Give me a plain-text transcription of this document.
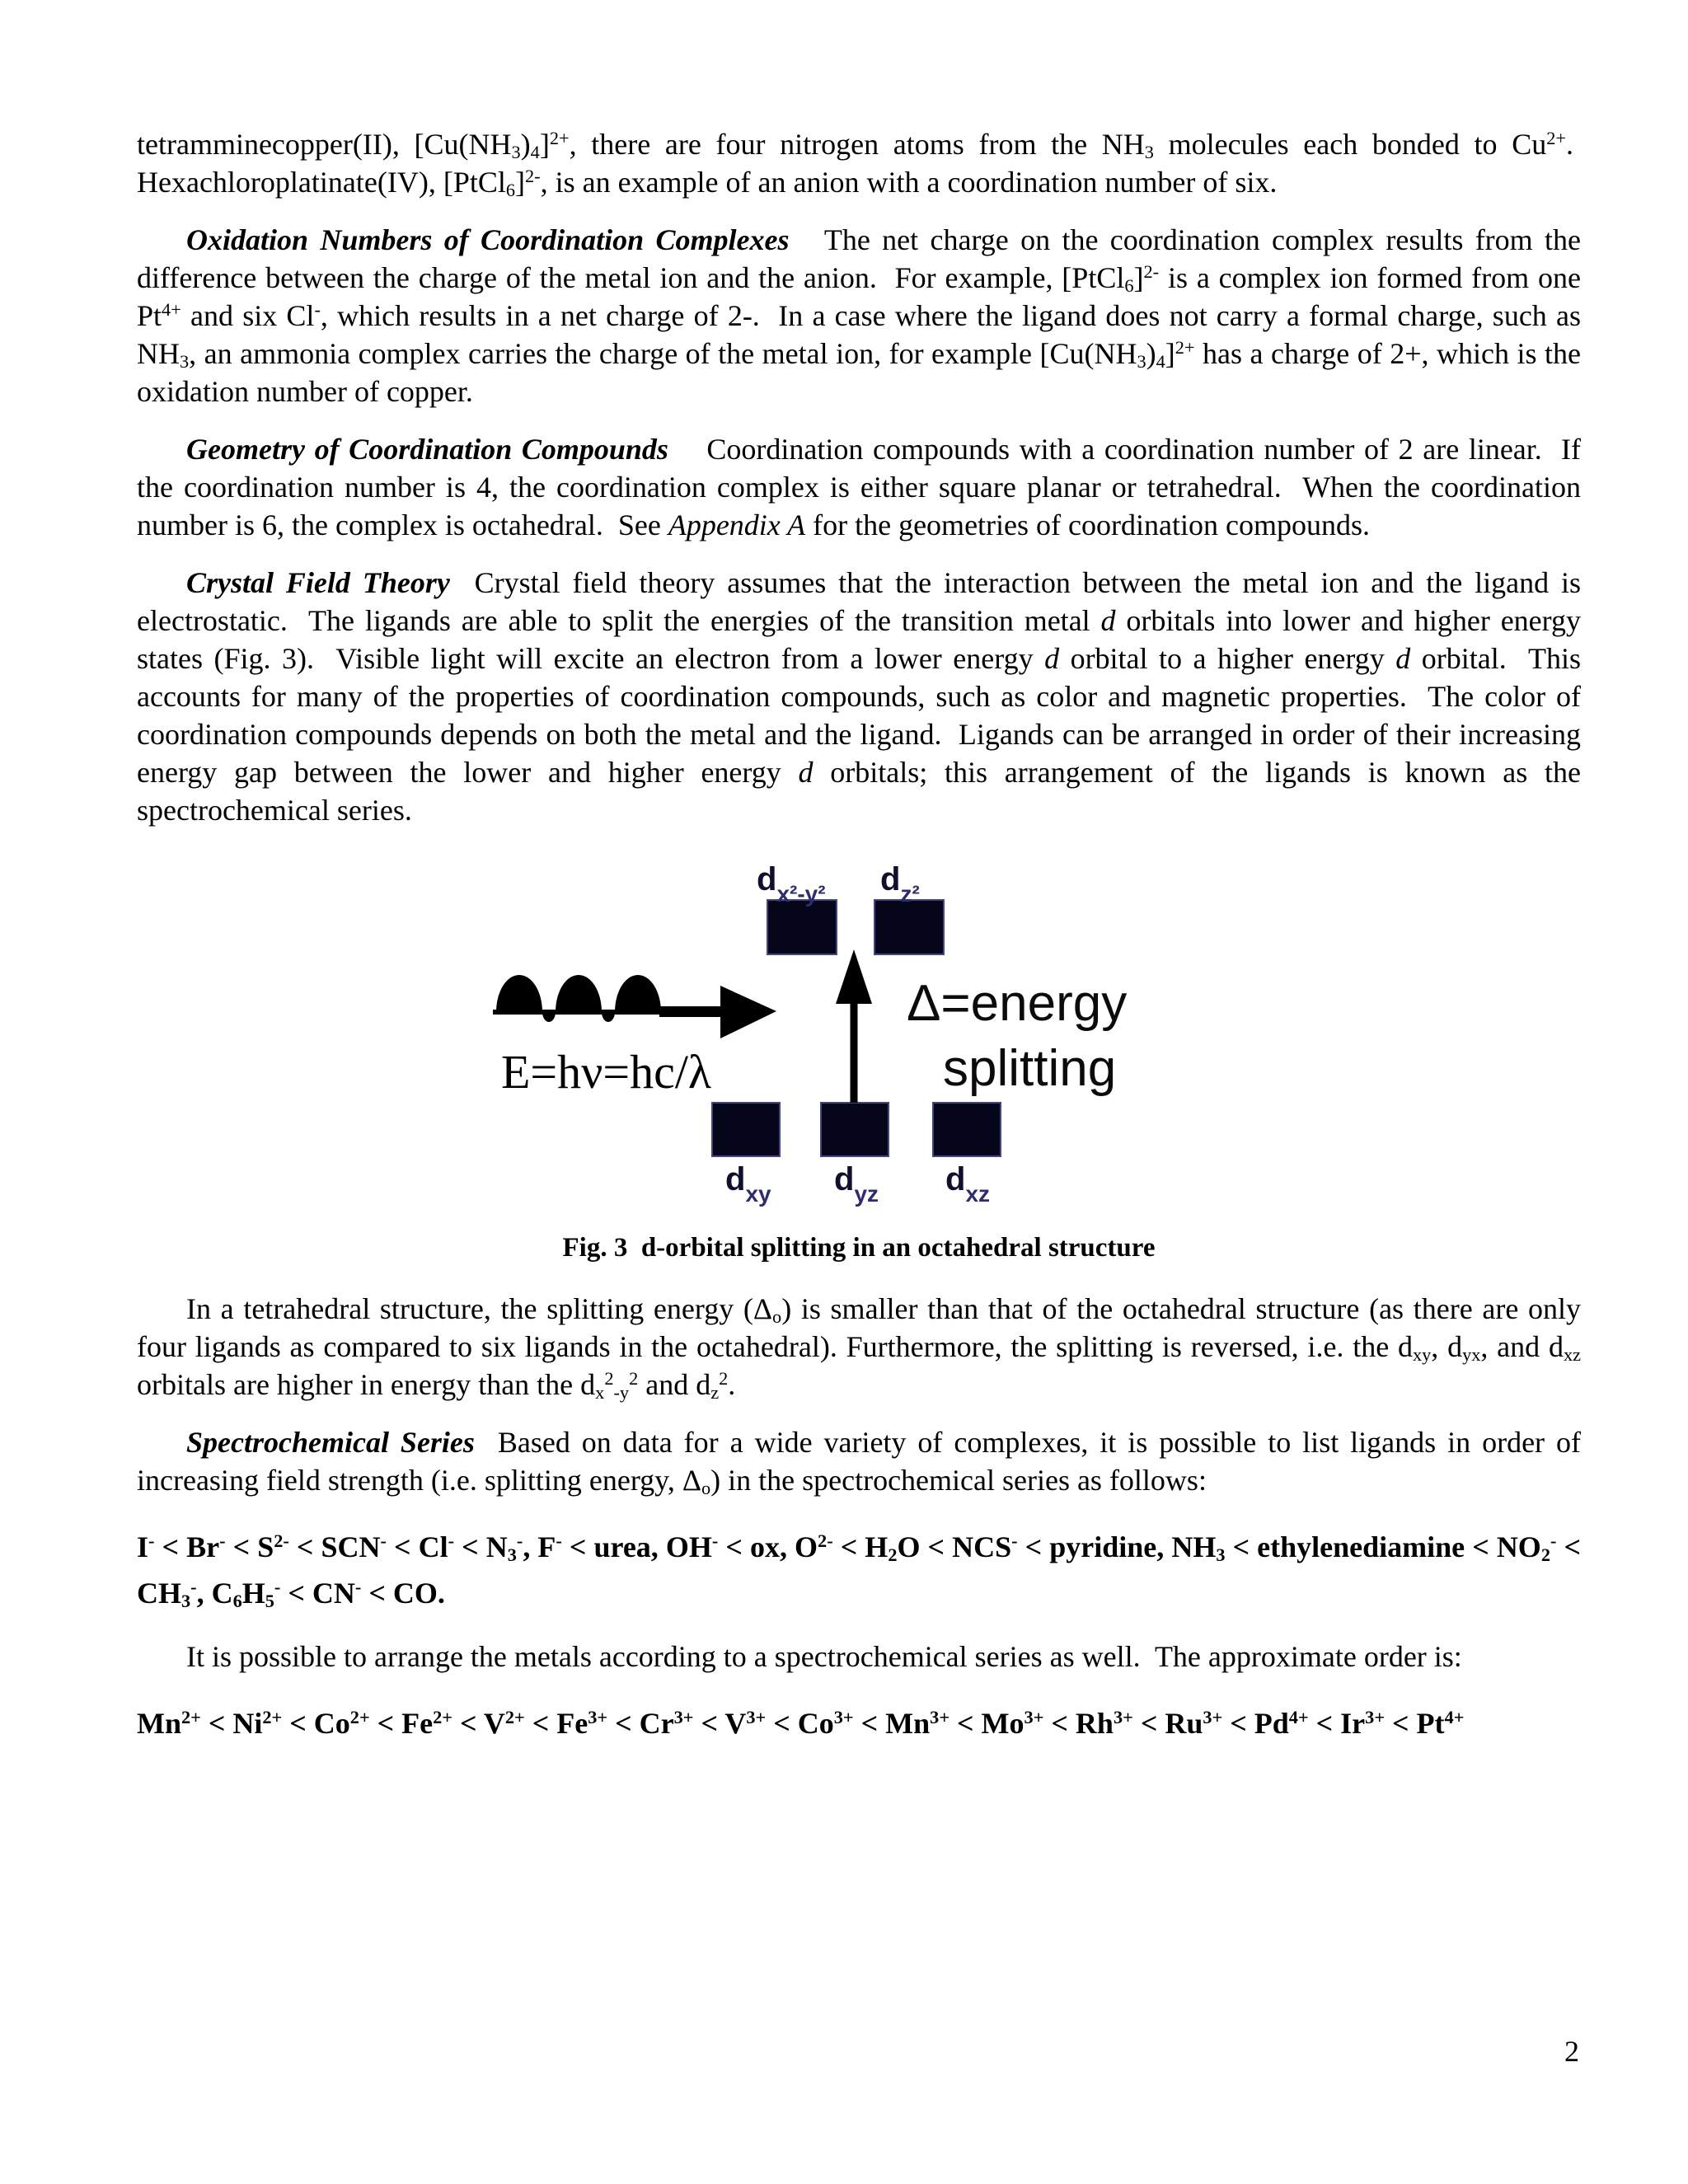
tetramminecopper(II), $[Cu(NH_3)_4]^{2+}$, there are four nitrogen atoms from the $NH_3$ molecules each bonded to $Cu^{2+}$.  Hexachloroplatinate(IV), [PtCl$_6$]$^{2-}$, is an example of an anion with a coordination number of six.

Oxidation Numbers of Coordination Complexes   The net charge on the coordination complex results from the difference between the charge of the metal ion and the anion.  For example, [PtCl$_6$]$^{2-}$ is a complex ion formed from one $Pt^{4+}$ and six Cl-, which results in a net charge of 2-.  In a case where the ligand does not carry a formal charge, such as $NH_3$, an ammonia complex carries the charge of the metal ion, for example $[Cu(NH_3)_4]^{2+}$ has a charge of 2+, which is the oxidation number of copper.

Geometry of Coordination Compounds    Coordination compounds with a coordination number of 2 are linear.  If the coordination number is 4, the coordination complex is either square planar or tetrahedral.  When the coordination number is 6, the complex is octahedral.  See Appendix A for the geometries of coordination compounds.

Crystal Field Theory  Crystal field theory assumes that the interaction between the metal ion and the ligand is electrostatic.  The ligands are able to split the energies of the transition metal d orbitals into lower and higher energy states (Fig. 3).  Visible light will excite an electron from a lower energy d orbital to a higher energy d orbital.  This accounts for many of the properties of coordination compounds, such as color and magnetic properties.  The color of coordination compounds depends on both the metal and the ligand.  Ligands can be arranged in order of their increasing energy gap between the lower and higher energy d orbitals; this arrangement of the ligands is known as the spectrochemical series.

dx²-y² dz²
dxy dyz dxz
E=hν=hc/λ
Δ=energy
splitting

Fig. 3  d-orbital splitting in an octahedral structure

In a tetrahedral structure, the splitting energy $(\Delta_o)$ is smaller than that of the octahedral structure (as there are only four ligands as compared to six ligands in the octahedral). Furthermore, the splitting is reversed, i.e. the $d_{xy}$, $d_{yx}$, and $d_{xz}$ orbitals are higher in energy than the $d_x^2_{-y}^2$ and $d_z^2$.

Spectrochemical Series  Based on data for a wide variety of complexes, it is possible to list ligands in order of increasing field strength (i.e. splitting energy, $\Delta_o$) in the spectrochemical series as follows:

$I^- < Br^- < S^{2-} < SCN^- < Cl^- < N_3^-$, F- < urea, OH- < ox, $O^{2-} < H_2O < NCS^-$ < pyridine, $NH_3$ < ethylenediamine < $NO_2^- < CH_3^-$, $C_6H_5^- < CN^-$ < CO.

It is possible to arrange the metals according to a spectrochemical series as well.  The approximate order is:

$Mn^{2+} < Ni^{2+} < Co^{2+} < Fe^{2+} < V^{2+} < Fe^{3+} < Cr^{3+} < V^{3+} < Co^{3+} < Mn^{3+} < Mo^{3+} < Rh^{3+} < Ru^{3+} < Pd^{4+} < Ir^{3+} < Pt^{4+}$

2
